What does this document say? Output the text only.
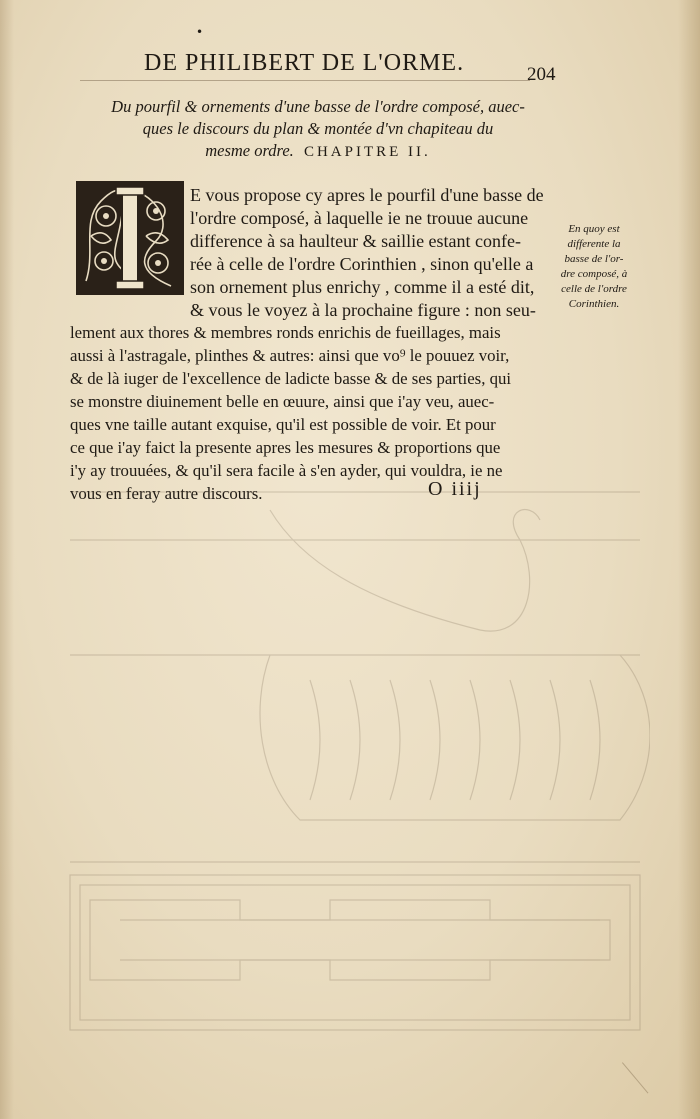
•
DE PHILIBERT DE L'ORME.	204
Du pourfil & ornements d'une basse de l'ordre composé, auec-
ques le discours du plan & montée d'vn chapiteau du
mesme ordre. CHAPITRE II.
E vous propose cy apres le pourfil d'une basse de
l'ordre composé, à laquelle ie ne trouue aucune
difference à sa haulteur & saillie estant confe-
rée à celle de l'ordre Corinthien , sinon qu'elle a
son ornement plus enrichy , comme il a esté dit,
& vous le voyez à la prochaine figure : non seu-
lement aux thores & membres ronds enrichis de fueillages, mais
aussi à l'astragale, plinthes & autres: ainsi que vo⁹ le pouuez voir,
& de là iuger de l'excellence de ladicte basse & de ses parties, qui
se monstre diuinement belle en œuure, ainsi que i'ay veu, auec-
ques vne taille autant exquise, qu'il est possible de voir. Et pour
ce que i'ay faict la presente apres les mesures & proportions que
i'y ay trouuées, & qu'il sera facile à s'en ayder, qui vouldra, ie ne
vous en feray autre discours.
En quoy est
differente la
basse de l'or-
dre composé, à
celle de l'ordre
Corinthien.
O iiij
